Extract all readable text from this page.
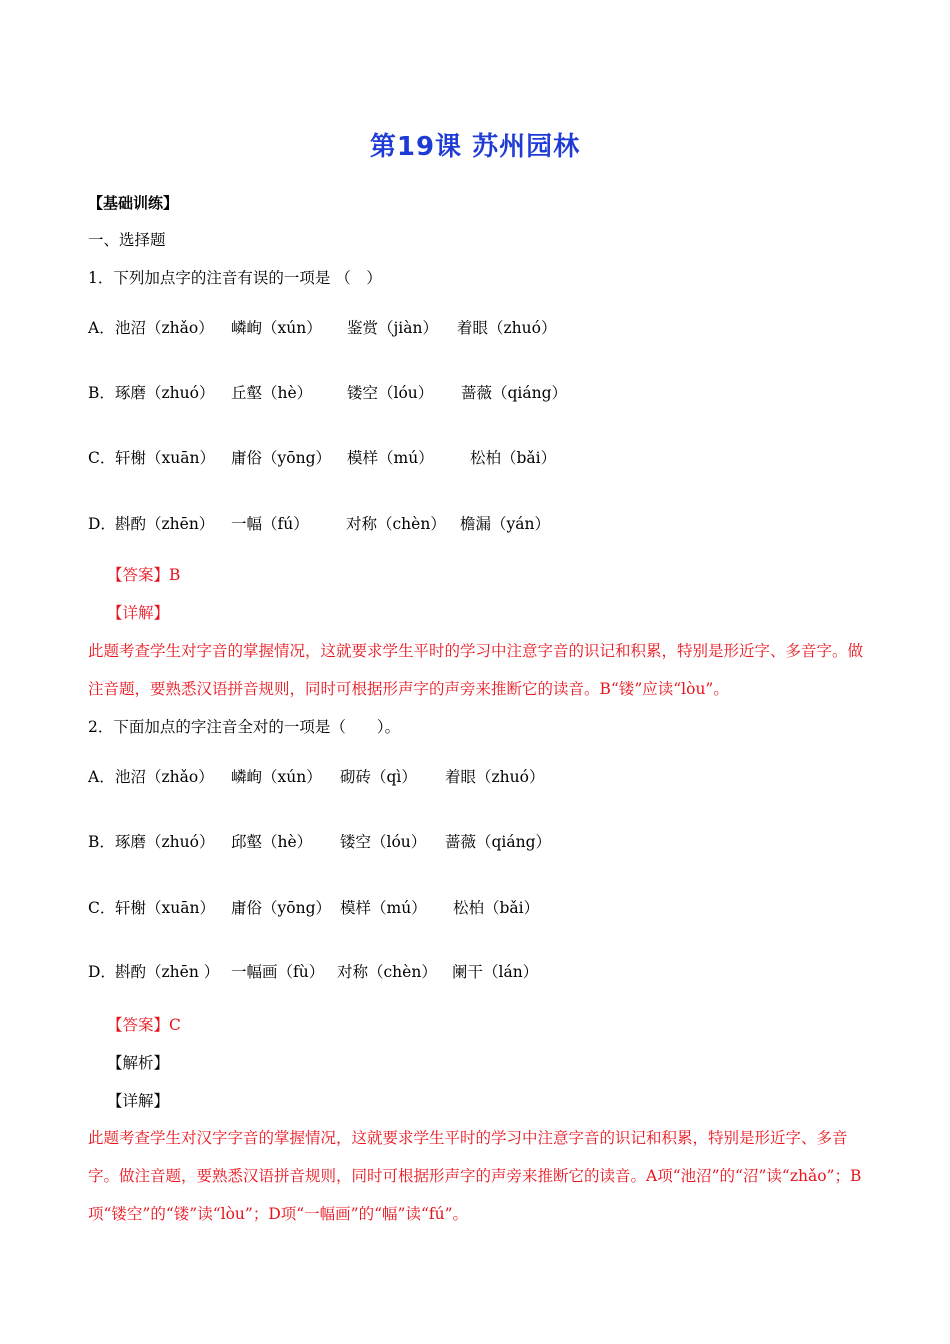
第19课 苏州园林
【基础训练】
一、选择题
1．下列加点字的注音有误的一项是 （　）
A． 池沼（zhǎo） 嶙峋（xún） 鉴赏（jiàn） 着眼（zhuó）
B． 琢磨（zhuó） 丘壑（hè） 镂空（lóu） 蔷薇（qiáng）
C． 轩榭（xuān） 庸俗（yōng） 模样（mú） 松柏（bǎi）
D． 斟酌（zhēn） 一幅（fú） 对称（chèn） 檐漏（yán）
【答案】B
【详解】
此题考查学生对字音的掌握情况，这就要求学生平时的学习中注意字音的识记和积累，特别是形近字、多音字。做注音题，要熟悉汉语拼音规则，同时可根据形声字的声旁来推断它的读音。B“镂”应读“lòu”。
2．下面加点的字注音全对的一项是（　　）。
A． 池沼（zhǎo） 嶙峋（xún） 砌砖（qì） 着眼（zhuó）
B． 琢磨（zhuó） 邱壑（hè） 镂空（lóu） 蔷薇（qiáng）
C． 轩榭（xuān） 庸俗（yōng） 模样（mú） 松柏（bǎi）
D． 斟酌（zhēn ） 一幅画（fù） 对称（chèn） 阑干（lán）
【答案】C
【解析】
【详解】
此题考查学生对汉字字音的掌握情况，这就要求学生平时的学习中注意字音的识记和积累，特别是形近字、多音字。做注音题，要熟悉汉语拼音规则，同时可根据形声字的声旁来推断它的读音。A项“池沼”的“沼”读“zhǎo”；B项“镂空”的“镂”读“lòu”；D项“一幅画”的“幅”读“fú”。
